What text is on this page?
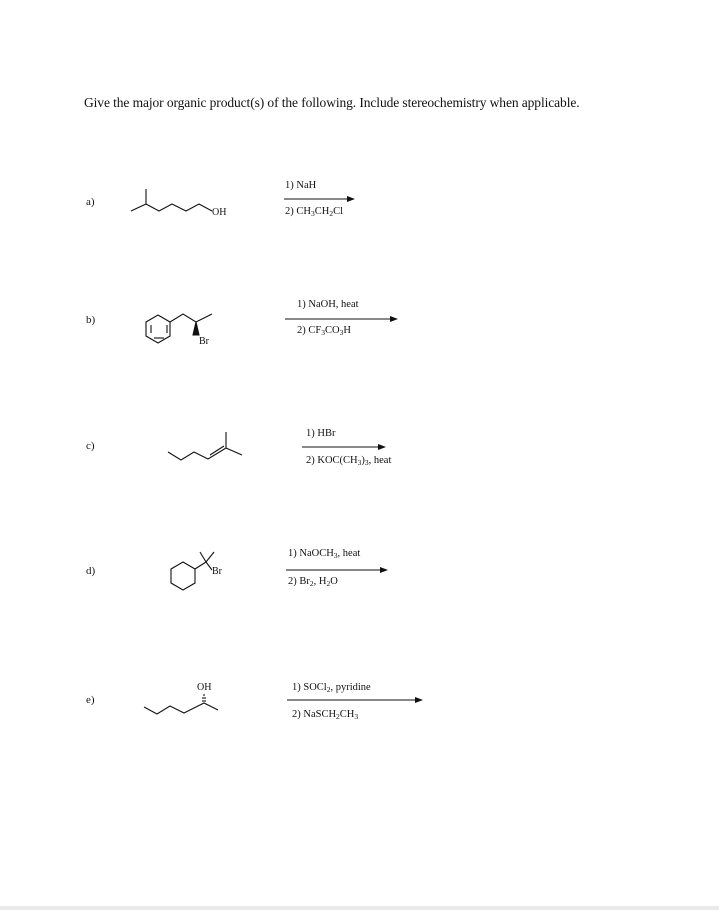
Give the major organic product(s) of the following. Include stereochemistry when applicable.
a)
OH
1) NaH
2) $CH_3CH_2Cl$
b)
Br
1) NaOH, heat
2) $CF_3CO_3H$
c)
1) HBr
2) $KOC(CH_3)_3$, heat
d)	Br
1) NaOCH$_3$, heat
2) $Br_2$, $H_2O$
e)
OH	1) SOCl$_2$, pyridine
2) $NaSCH_2CH_3$
